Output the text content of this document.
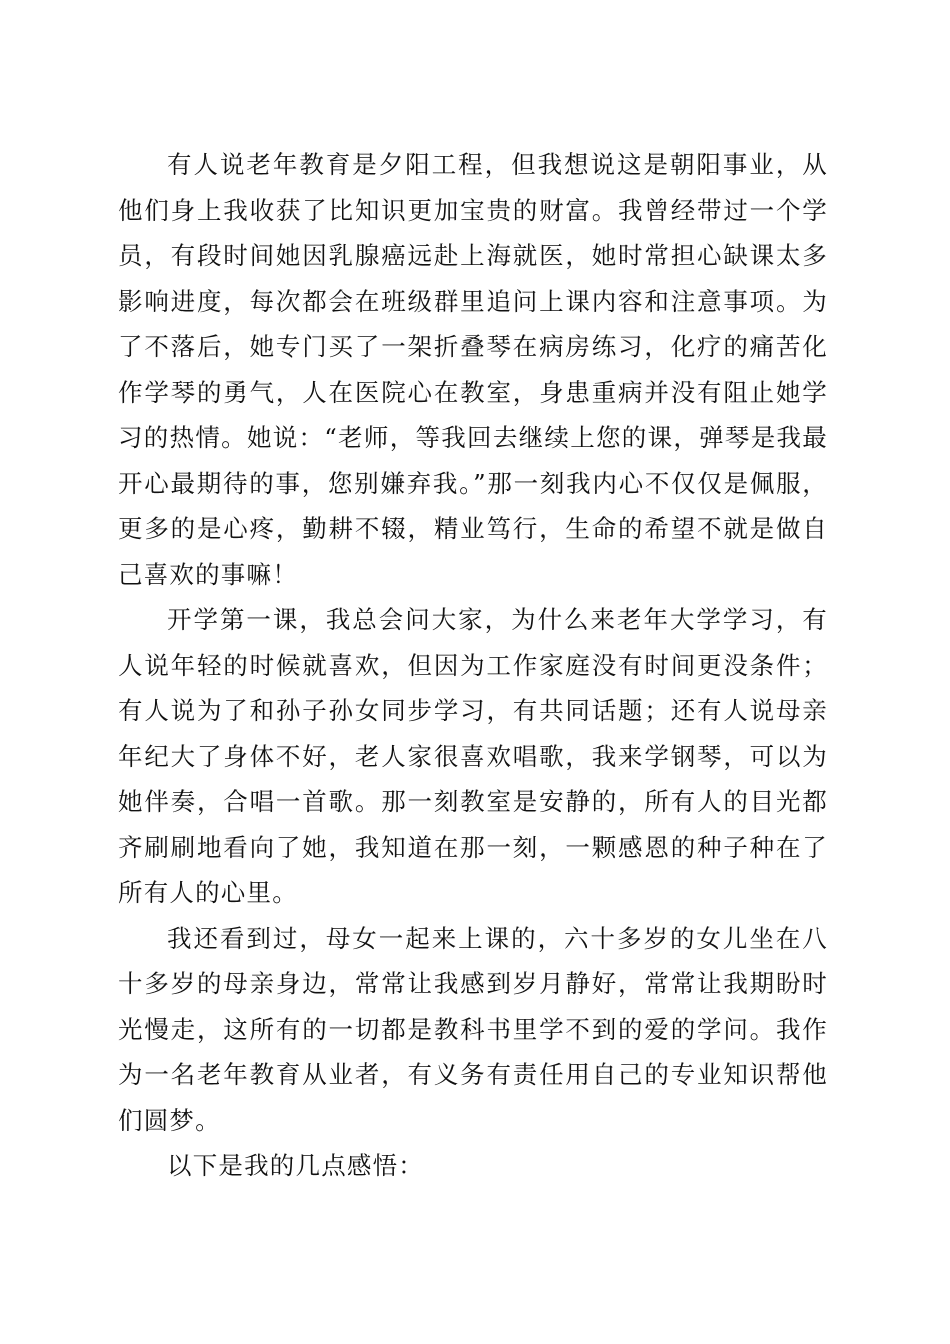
有人说老年教育是夕阳工程，但我想说这是朝阳事业，从他们身上我收获了比知识更加宝贵的财富。我曾经带过一个学员，有段时间她因乳腺癌远赴上海就医，她时常担心缺课太多影响进度，每次都会在班级群里追问上课内容和注意事项。为了不落后，她专门买了一架折叠琴在病房练习，化疗的痛苦化作学琴的勇气，人在医院心在教室，身患重病并没有阻止她学习的热情。她说：“老师，等我回去继续上您的课，弹琴是我最开心最期待的事，您别嫌弃我。”那一刻我内心不仅仅是佩服，更多的是心疼，勤耕不辍，精业笃行，生命的希望不就是做自己喜欢的事嘛！

开学第一课，我总会问大家，为什么来老年大学学习，有人说年轻的时候就喜欢，但因为工作家庭没有时间更没条件；有人说为了和孙子孙女同步学习，有共同话题；还有人说母亲年纪大了身体不好，老人家很喜欢唱歌，我来学钢琴，可以为她伴奏，合唱一首歌。那一刻教室是安静的，所有人的目光都齐刷刷地看向了她，我知道在那一刻，一颗感恩的种子种在了所有人的心里。

我还看到过，母女一起来上课的，六十多岁的女儿坐在八十多岁的母亲身边，常常让我感到岁月静好，常常让我期盼时光慢走，这所有的一切都是教科书里学不到的爱的学问。我作为一名老年教育从业者，有义务有责任用自己的专业知识帮他们圆梦。

以下是我的几点感悟：
